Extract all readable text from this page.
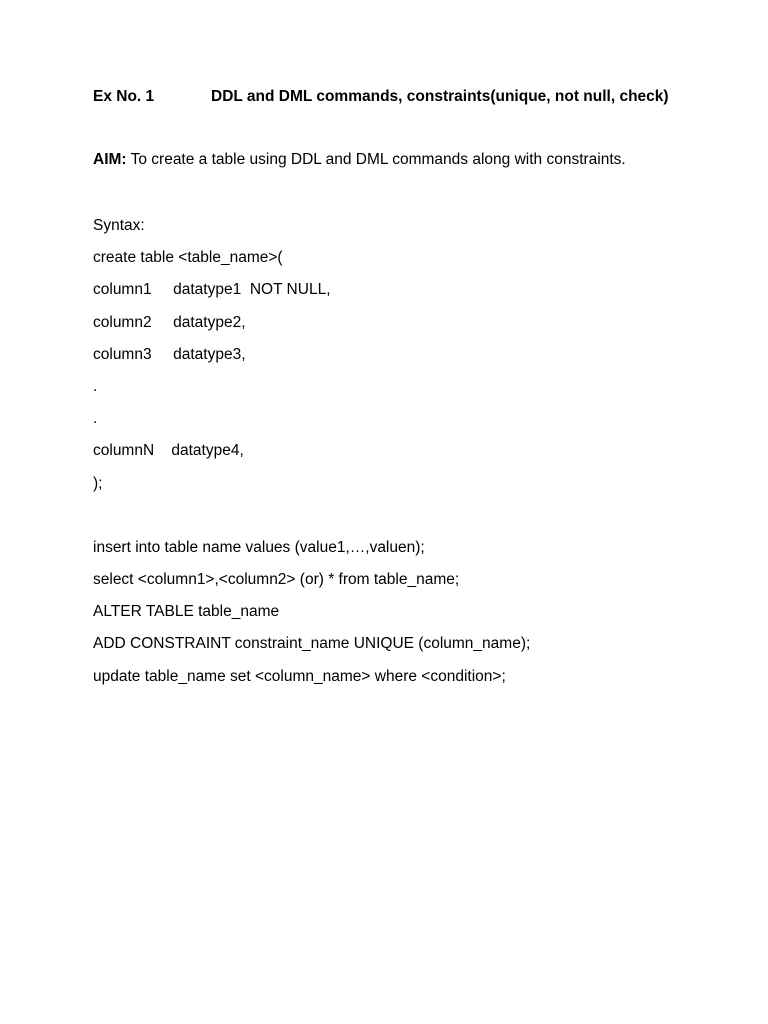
Ex No. 1	DDL and DML commands, constraints(unique, not null, check)
AIM: To create a table using DDL and DML commands along with constraints.
Syntax:
create table <table_name>(
column1     datatype1  NOT NULL,
column2     datatype2,
column3     datatype3,
.
.
columnN    datatype4,
);
insert into table name values (value1,…,valuen);
select <column1>,<column2> (or) * from table_name;
ALTER TABLE table_name
ADD CONSTRAINT constraint_name UNIQUE (column_name);
update table_name set <column_name> where <condition>;
